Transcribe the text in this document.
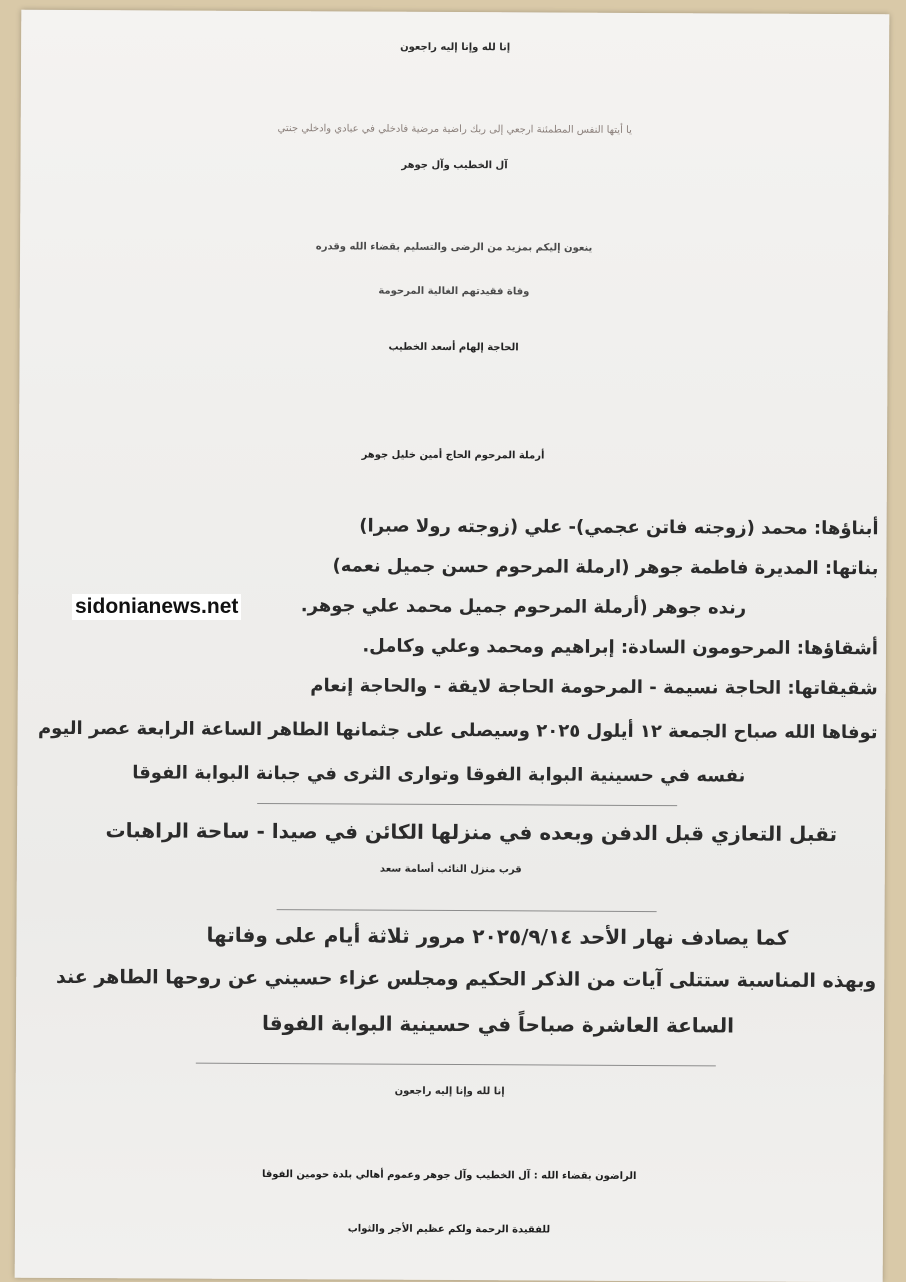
إنا لله وإنا إليه راجعون
يا أيتها النفس المطمئنة ارجعي إلى ربك راضية مرضية فادخلي في عبادي وادخلي جنتي
آل الخطيب وآل جوهر
ينعون إليكم بمزيد من الرضى والتسليم بقضاء الله وقدره
وفاة فقيدتهم الغالية المرحومة
الحاجة إلهام أسعد الخطيب
أرملة المرحوم الحاج أمين خليل جوهر
أبناؤها: محمد (زوجته فاتن عجمي)- علي (زوجته رولا صبرا)
بناتها: المديرة فاطمة جوهر (ارملة المرحوم حسن جميل نعمه)
رنده جوهر (أرملة المرحوم جميل محمد علي جوهر.
أشقاؤها: المرحومون السادة: إبراهيم ومحمد وعلي وكامل.
شقيقاتها: الحاجة نسيمة - المرحومة الحاجة لايقة - والحاجة إنعام
توفاها الله صباح الجمعة ١٢ أيلول ٢٠٢٥ وسيصلى على جثمانها الطاهر الساعة الرابعة عصر اليوم
نفسه في حسينية البوابة الفوقا وتوارى الثرى في جبانة البوابة الفوقا
تقبل التعازي قبل الدفن وبعده في منزلها الكائن في صيدا - ساحة الراهبات
قرب منزل النائب أسامة سعد
كما يصادف نهار الأحد ٢٠٢٥/٩/١٤ مرور ثلاثة أيام على وفاتها
وبهذه المناسبة ستتلى آيات من الذكر الحكيم ومجلس عزاء حسيني عن روحها الطاهر عند
الساعة العاشرة صباحاً في حسينية البوابة الفوقا
إنا لله وإنا إليه راجعون
الراضون بقضاء الله : آل الخطيب وآل جوهر وعموم أهالي بلدة حومين الفوقا
للفقيدة الرحمة ولكم عظيم الأجر والثواب
sidonianews.net
